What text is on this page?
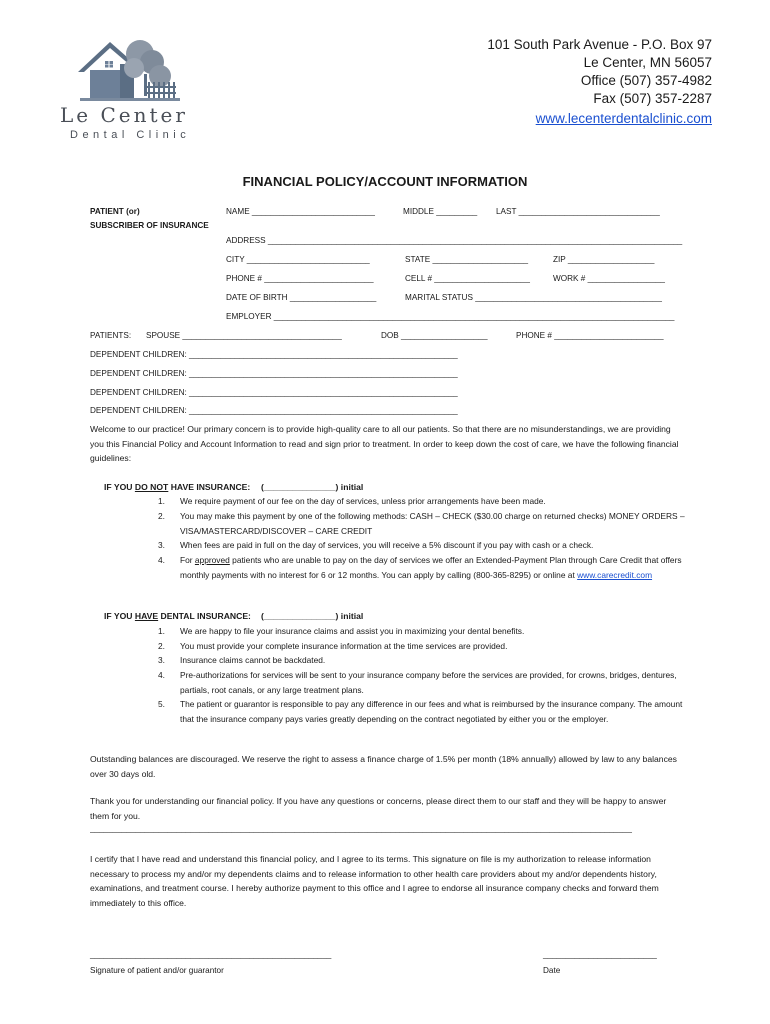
Le Center
Dental Clinic
101 South Park Avenue - P.O. Box 97
Le Center, MN 56057
Office (507) 357-4982
Fax (507) 357-2287
www.lecenterdentalclinic.com
FINANCIAL POLICY/ACCOUNT INFORMATION
PATIENT (or)
SUBSCRIBER OF INSURANCE
NAME ___________________________	MIDDLE _________ LAST _______________________________
ADDRESS ___________________________________________________________________________________________
CITY ___________________________	STATE _____________________	ZIP ___________________
PHONE # ________________________	CELL # _____________________	WORK # _________________
DATE OF BIRTH ___________________	MARITAL STATUS _________________________________________
EMPLOYER ________________________________________________________________________________________
PATIENTS: SPOUSE ___________________________________	DOB ___________________	PHONE # ________________________
DEPENDENT CHILDREN: ___________________________________________________________
DEPENDENT CHILDREN: ___________________________________________________________
DEPENDENT CHILDREN: ___________________________________________________________
DEPENDENT CHILDREN: ___________________________________________________________
Welcome to our practice! Our primary concern is to provide high-quality care to all our patients. So that there are no misunderstandings, we are providing you this Financial Policy and Account Information to read and sign prior to treatment. In order to keep down the cost of care, we have the following financial guidelines:
IF YOU DO NOT HAVE INSURANCE: (_______________) initial
1. We require payment of our fee on the day of services, unless prior arrangements have been made.
2. You may make this payment by one of the following methods: CASH – CHECK ($30.00 charge on returned checks) MONEY ORDERS – VISA/MASTERCARD/DISCOVER – CARE CREDIT
3. When fees are paid in full on the day of services, you will receive a 5% discount if you pay with cash or a check.
4. For approved patients who are unable to pay on the day of services we offer an Extended-Payment Plan through Care Credit that offers monthly payments with no interest for 6 or 12 months. You can apply by calling (800-365-8295) or online at www.carecredit.com
IF YOU HAVE DENTAL INSURANCE: (_______________) initial
1. We are happy to file your insurance claims and assist you in maximizing your dental benefits.
2. You must provide your complete insurance information at the time services are provided.
3. Insurance claims cannot be backdated.
4. Pre-authorizations for services will be sent to your insurance company before the services are provided, for crowns, bridges, dentures, partials, root canals, or any large treatment plans.
5. The patient or guarantor is responsible to pay any difference in our fees and what is reimbursed by the insurance company. The amount that the insurance company pays varies greatly depending on the contract negotiated by either you or the employer.
Outstanding balances are discouraged. We reserve the right to assess a finance charge of 1.5% per month (18% annually) allowed by law to any balances over 30 days old.
Thank you for understanding our financial policy. If you have any questions or concerns, please direct them to our staff and they will be happy to answer them for you.
_______________________________________________________________________________________________________________________
I certify that I have read and understand this financial policy, and I agree to its terms. This signature on file is my authorization to release information necessary to process my and/or my dependents claims and to release information to other health care providers about my and/or dependents history, examinations, and treatment course. I hereby authorize payment to this office and I agree to endorse all insurance company checks and forward them immediately to this office.
_____________________________________________________
Signature of patient and/or guarantor
_________________________
Date
